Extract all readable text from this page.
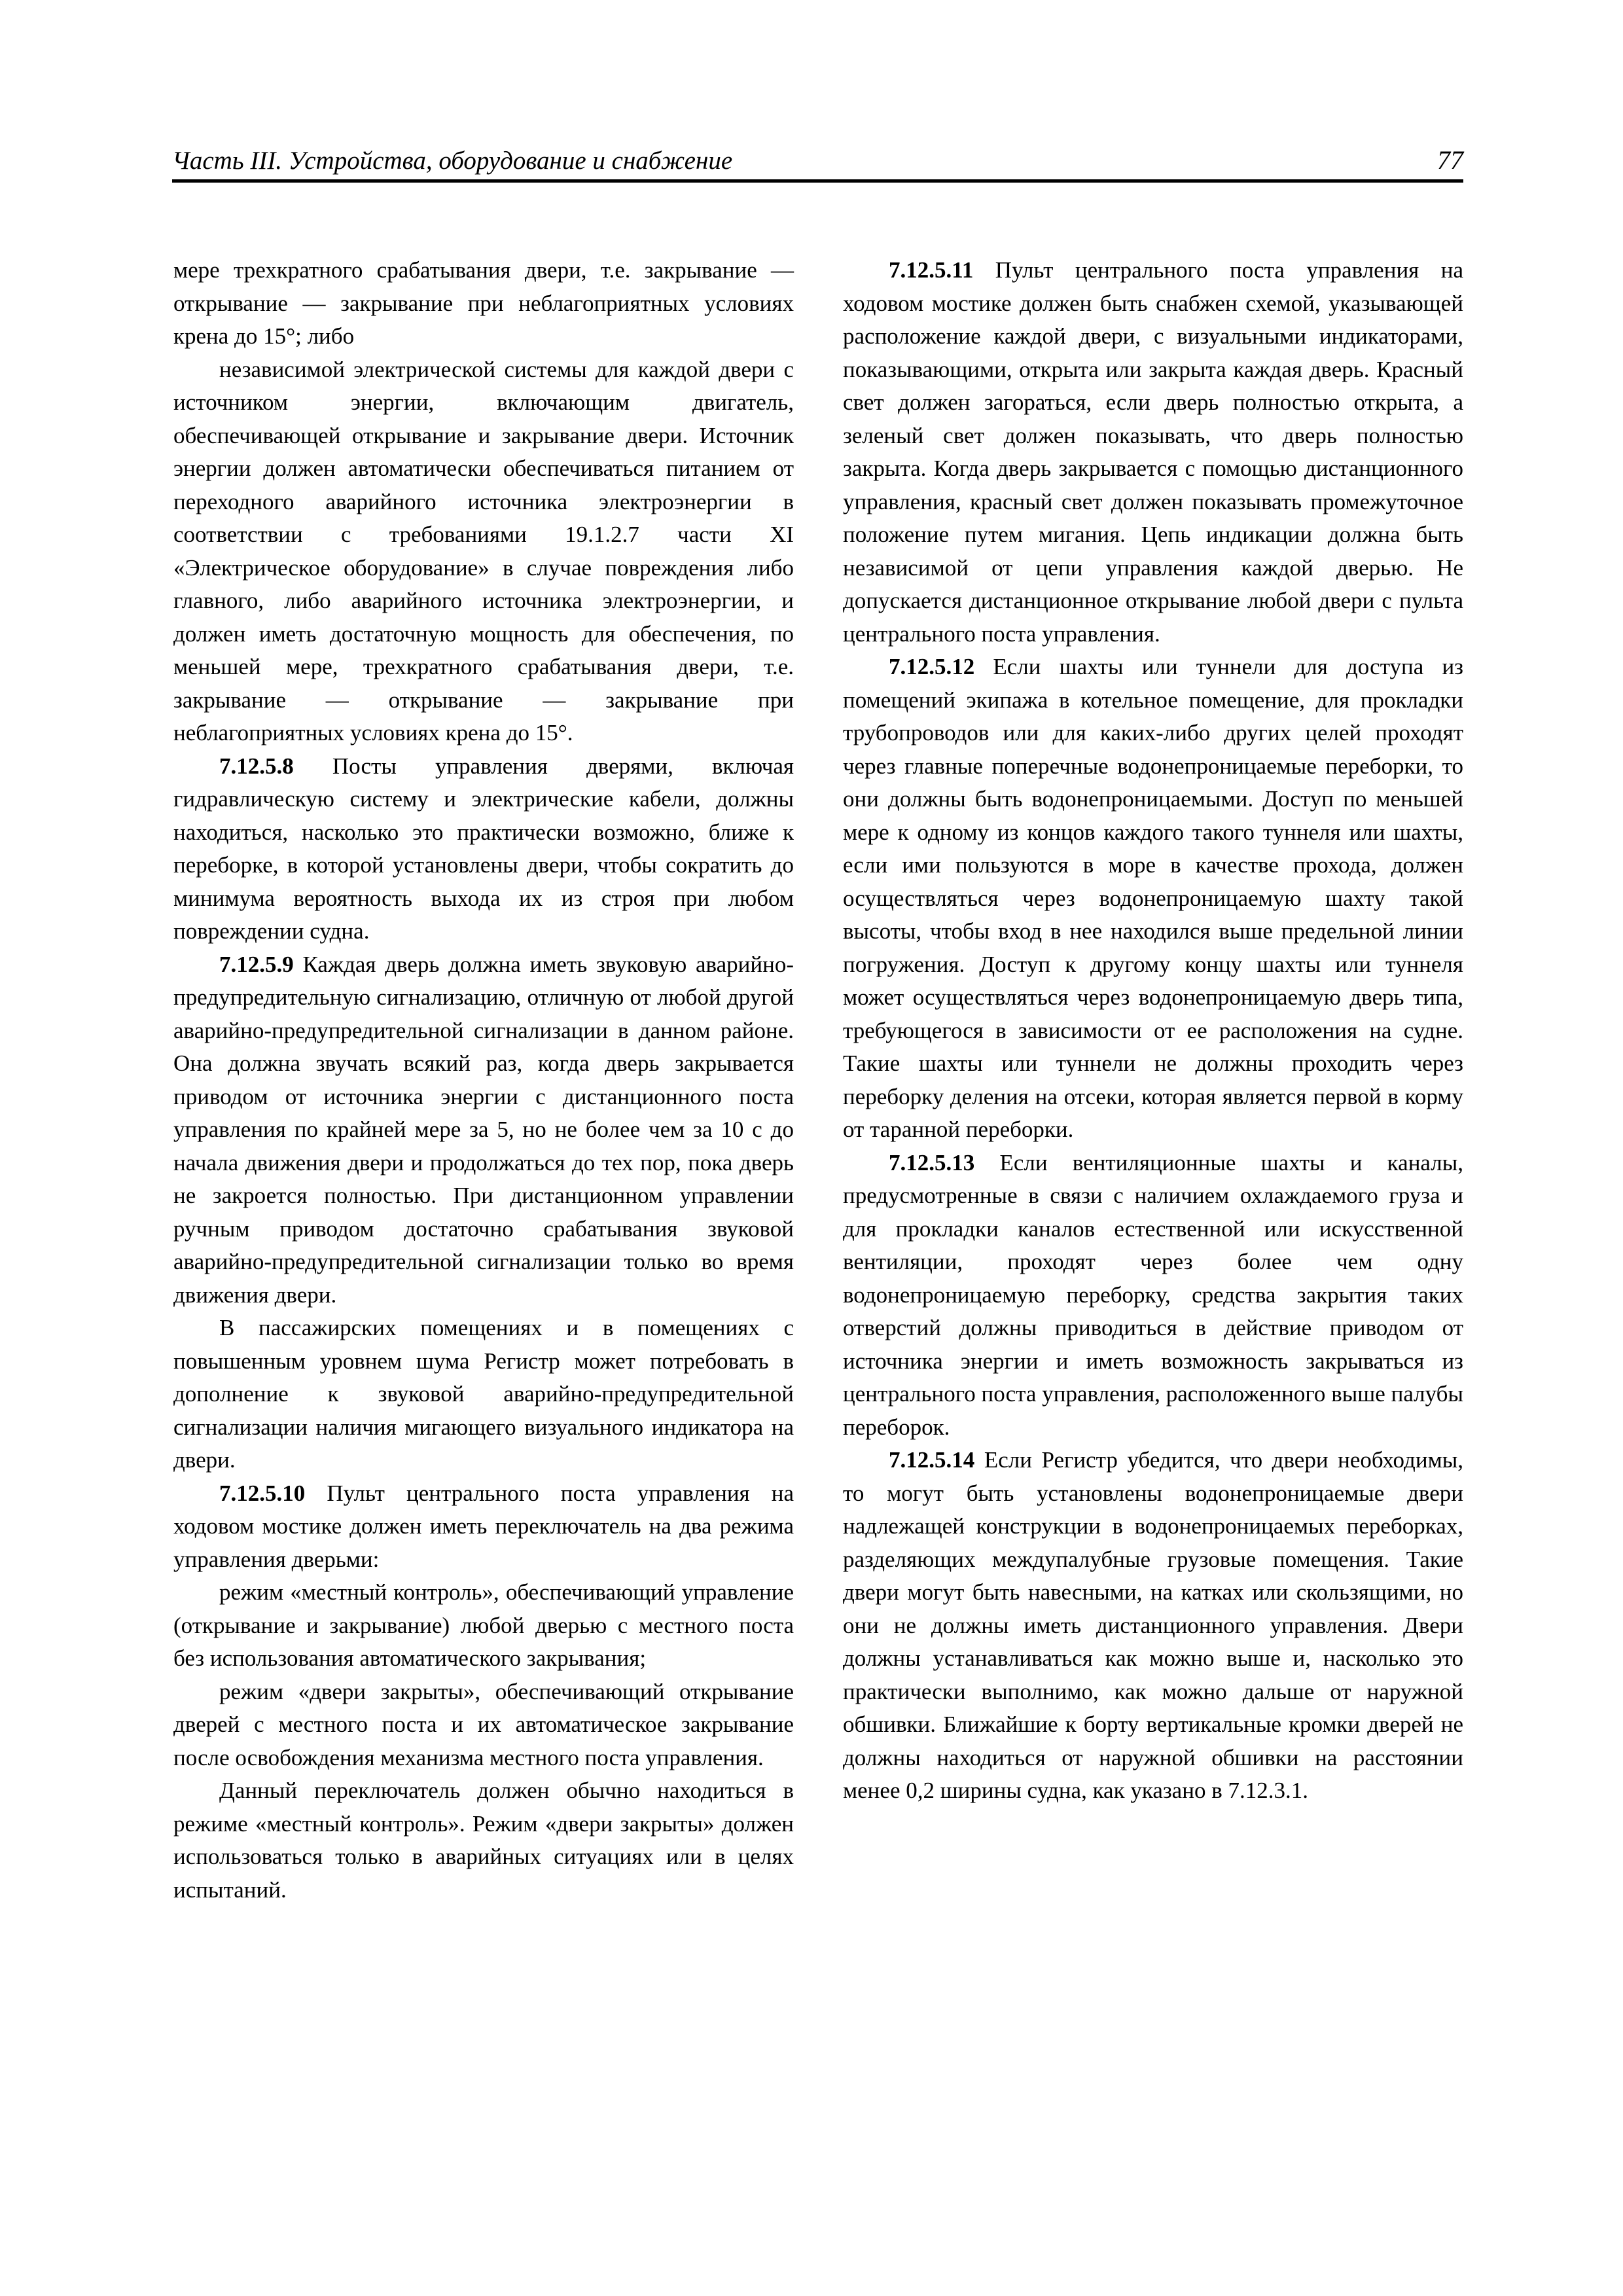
Часть III. Устройства, оборудование и снабжение	77

мере трехкратного срабатывания двери, т.е. закрывание — открывание — закрывание при неблагоприятных условиях крена до 15°; либо

независимой электрической системы для каждой двери с источником энергии, включающим двигатель, обеспечивающей открывание и закрывание двери. Источник энергии должен автоматически обеспечиваться питанием от переходного аварийного источника электроэнергии в соответствии с требованиями 19.1.2.7 части XI «Электрическое оборудование» в случае повреждения либо главного, либо аварийного источника электроэнергии, и должен иметь достаточную мощность для обеспечения, по меньшей мере, трехкратного срабатывания двери, т.е. закрывание — открывание — закрывание при неблагоприятных условиях крена до 15°.

7.12.5.8 Посты управления дверями, включая гидравлическую систему и электрические кабели, должны находиться, насколько это практически возможно, ближе к переборке, в которой установлены двери, чтобы сократить до минимума вероятность выхода их из строя при любом повреждении судна.

7.12.5.9 Каждая дверь должна иметь звуковую аварийно-предупредительную сигнализацию, отличную от любой другой аварийно-предупредительной сигнализации в данном районе. Она должна звучать всякий раз, когда дверь закрывается приводом от источника энергии с дистанционного поста управления по крайней мере за 5, но не более чем за 10 с до начала движения двери и продолжаться до тех пор, пока дверь не закроется полностью. При дистанционном управлении ручным приводом достаточно срабатывания звуковой аварийно-предупредительной сигнализации только во время движения двери.

В пассажирских помещениях и в помещениях с повышенным уровнем шума Регистр может потребовать в дополнение к звуковой аварийно-предупредительной сигнализации наличия мигающего визуального индикатора на двери.

7.12.5.10 Пульт центрального поста управления на ходовом мостике должен иметь переключатель на два режима управления дверьми:

режим «местный контроль», обеспечивающий управление (открывание и закрывание) любой дверью с местного поста без использования автоматического закрывания;

режим «двери закрыты», обеспечивающий открывание дверей с местного поста и их автоматическое закрывание после освобождения механизма местного поста управления.

Данный переключатель должен обычно находиться в режиме «местный контроль». Режим «двери закрыты» должен использоваться только в аварийных ситуациях или в целях испытаний.

7.12.5.11 Пульт центрального поста управления на ходовом мостике должен быть снабжен схемой, указывающей расположение каждой двери, с визуальными индикаторами, показывающими, открыта или закрыта каждая дверь. Красный свет должен загораться, если дверь полностью открыта, а зеленый свет должен показывать, что дверь полностью закрыта. Когда дверь закрывается с помощью дистанционного управления, красный свет должен показывать промежуточное положение путем мигания. Цепь индикации должна быть независимой от цепи управления каждой дверью. Не допускается дистанционное открывание любой двери с пульта центрального поста управления.

7.12.5.12 Если шахты или туннели для доступа из помещений экипажа в котельное помещение, для прокладки трубопроводов или для каких-либо других целей проходят через главные поперечные водонепроницаемые переборки, то они должны быть водонепроницаемыми. Доступ по меньшей мере к одному из концов каждого такого туннеля или шахты, если ими пользуются в море в качестве прохода, должен осуществляться через водонепроницаемую шахту такой высоты, чтобы вход в нее находился выше предельной линии погружения. Доступ к другому концу шахты или туннеля может осуществляться через водонепроницаемую дверь типа, требующегося в зависимости от ее расположения на судне. Такие шахты или туннели не должны проходить через переборку деления на отсеки, которая является первой в корму от таранной переборки.

7.12.5.13 Если вентиляционные шахты и каналы, предусмотренные в связи с наличием охлаждаемого груза и для прокладки каналов естественной или искусственной вентиляции, проходят через более чем одну водонепроницаемую переборку, средства закрытия таких отверстий должны приводиться в действие приводом от источника энергии и иметь возможность закрываться из центрального поста управления, расположенного выше палубы переборок.

7.12.5.14 Если Регистр убедится, что двери необходимы, то могут быть установлены водонепроницаемые двери надлежащей конструкции в водонепроницаемых переборках, разделяющих междупалубные грузовые помещения. Такие двери могут быть навесными, на катках или скользящими, но они не должны иметь дистанционного управления. Двери должны устанавливаться как можно выше и, насколько это практически выполнимо, как можно дальше от наружной обшивки. Ближайшие к борту вертикальные кромки дверей не должны находиться от наружной обшивки на расстоянии менее 0,2 ширины судна, как указано в 7.12.3.1.
